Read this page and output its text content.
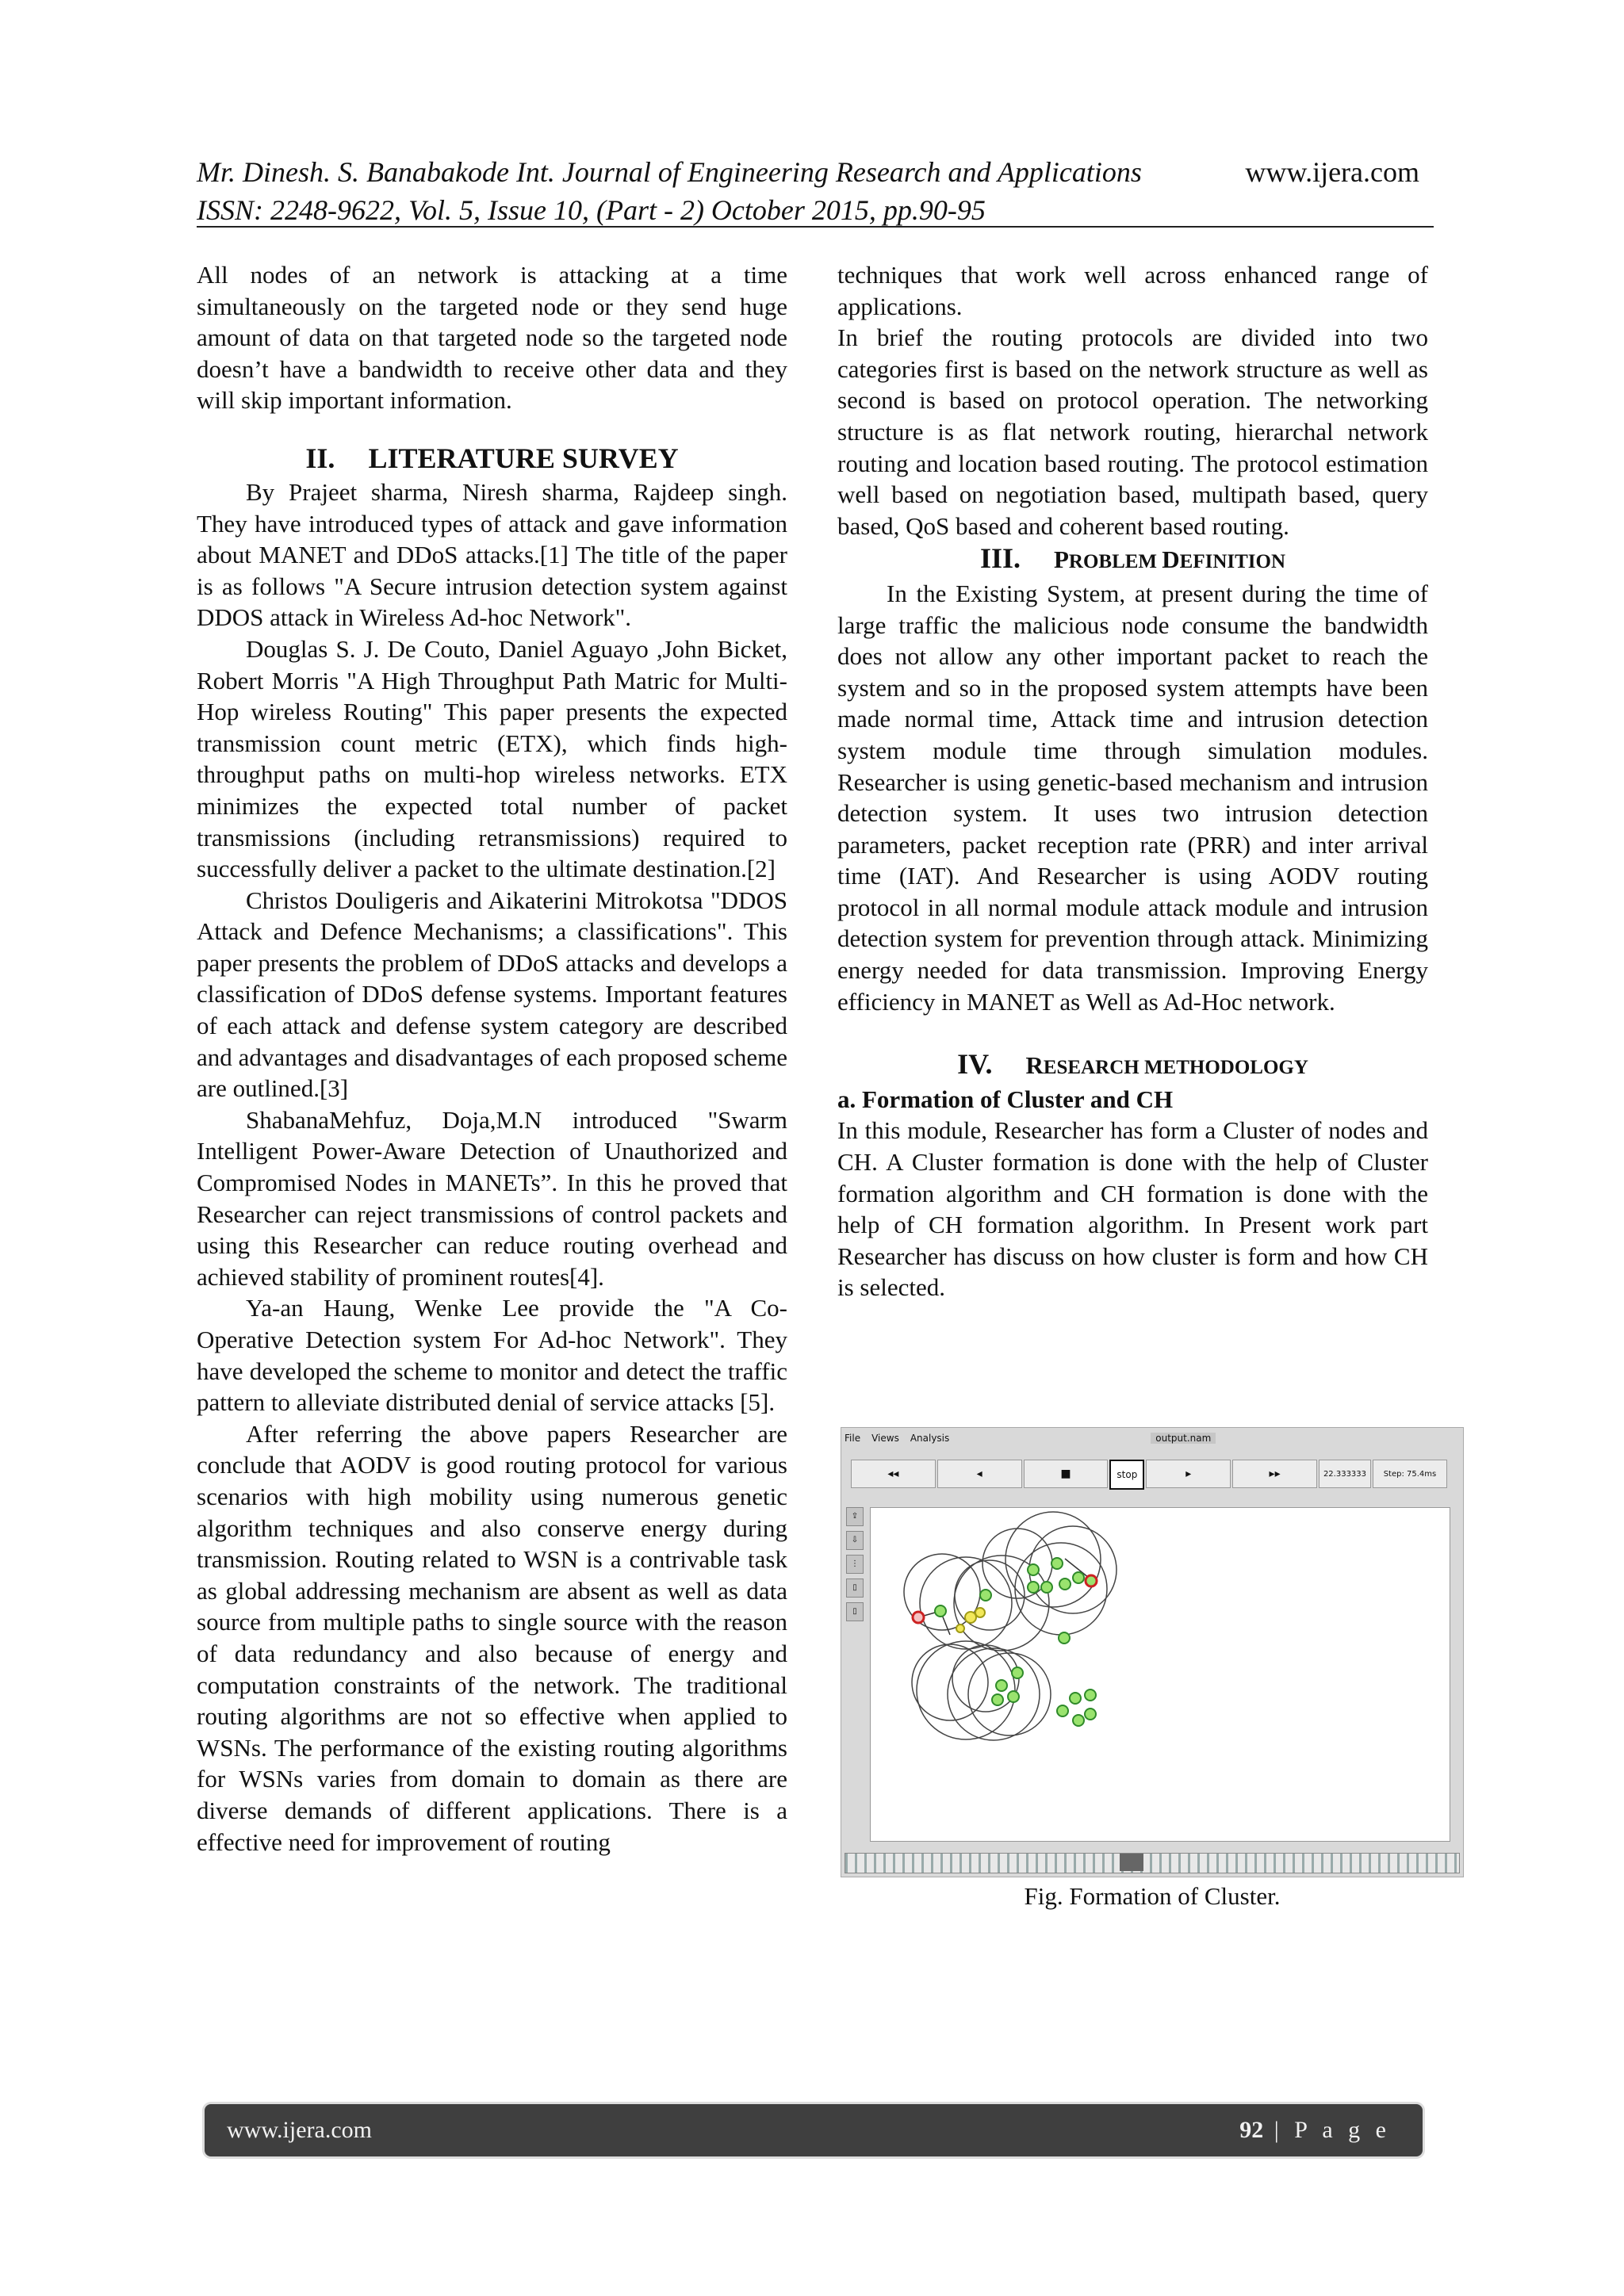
Mr. Dinesh. S. Banabakode Int. Journal of Engineering Research and Applications	www.ijera.com
ISSN: 2248-9622, Vol. 5, Issue 10, (Part - 2) October 2015, pp.90-95

All nodes of an network is attacking at a time simultaneously on the targeted node or they send huge amount of data on that targeted node so the targeted node doesn’t have a bandwidth to receive other data and they will skip important information.

II. LITERATURE SURVEY

By Prajeet sharma, Niresh sharma, Rajdeep singh. They have introduced types of attack and gave information about MANET and DDoS attacks.[1] The title of the paper is as follows "A Secure intrusion detection system against DDOS attack in Wireless Ad-hoc Network".

Douglas S. J. De Couto, Daniel Aguayo ,John Bicket, Robert Morris "A High Throughput Path Matric for Multi-Hop wireless Routing" This paper presents the expected transmission count metric (ETX), which finds high-throughput paths on multi-hop wireless networks. ETX minimizes the expected total number of packet transmissions (including retransmissions) required to successfully deliver a packet to the ultimate destination.[2]

Christos Douligeris and Aikaterini Mitrokotsa "DDOS Attack and Defence Mechanisms; a classifications". This paper presents the problem of DDoS attacks and develops a classification of DDoS defense systems. Important features of each attack and defense system category are described and advantages and disadvantages of each proposed scheme are outlined.[3]

ShabanaMehfuz, Doja,M.N introduced "Swarm Intelligent Power-Aware Detection of Unauthorized and Compromised Nodes in MANETs”. In this he proved that Researcher can reject transmissions of control packets and using this Researcher can reduce routing overhead and achieved stability of prominent routes[4].

Ya-an Haung, Wenke Lee provide the "A Co-Operative Detection system For Ad-hoc Network". They have developed the scheme to monitor and detect the traffic pattern to alleviate distributed denial of service attacks [5].

After referring the above papers Researcher are conclude that AODV is good routing protocol for various scenarios with high mobility using numerous genetic algorithm techniques and also conserve energy during transmission. Routing related to WSN is a contrivable task as global addressing mechanism are absent as well as data source from multiple paths to single source with the reason of data redundancy and also because of energy and computation constraints of the network. The traditional routing algorithms are not so effective when applied to WSNs. The performance of the existing routing algorithms for WSNs varies from domain to domain as there are diverse demands of different applications. There is a effective need for improvement of routing

techniques that work well across enhanced range of applications.

In brief the routing protocols are divided into two categories first is based on the network structure as well as second is based on protocol operation. The networking structure is as flat network routing, hierarchal network routing and location based routing. The protocol estimation well based on negotiation based, multipath based, query based, QoS based and coherent based routing.

III. PROBLEM DEFINITION

In the Existing System, at present during the time of large traffic the malicious node consume the bandwidth does not allow any other important packet to reach the system and so in the proposed system attempts have been made normal time, Attack time and intrusion detection system module time through simulation modules. Researcher is using genetic-based mechanism and intrusion detection system. It uses two intrusion detection parameters, packet reception rate (PRR) and inter arrival time (IAT). And Researcher is using AODV routing protocol in all normal module attack module and intrusion detection system for prevention through attack. Minimizing energy needed for data transmission. Improving Energy efficiency in MANET as Well as Ad-Hoc network.

IV. RESEARCH METHODOLOGY

a. Formation of Cluster and CH

In this module, Researcher has form a Cluster of nodes and CH. A Cluster formation is done with the help of Cluster formation algorithm and CH formation is done with the help of CH formation algorithm. In Present work part Researcher has discuss on how cluster is form and how CH is selected.

File Views Analysis	output.nam
◂◂	◂	■	stop	▸	▸▸	22.333333	Step: 75.4ms
⇪
⇩
⋮
▯
▯
Fig. Formation of Cluster.
www.ijera.com	92 | P a g e
